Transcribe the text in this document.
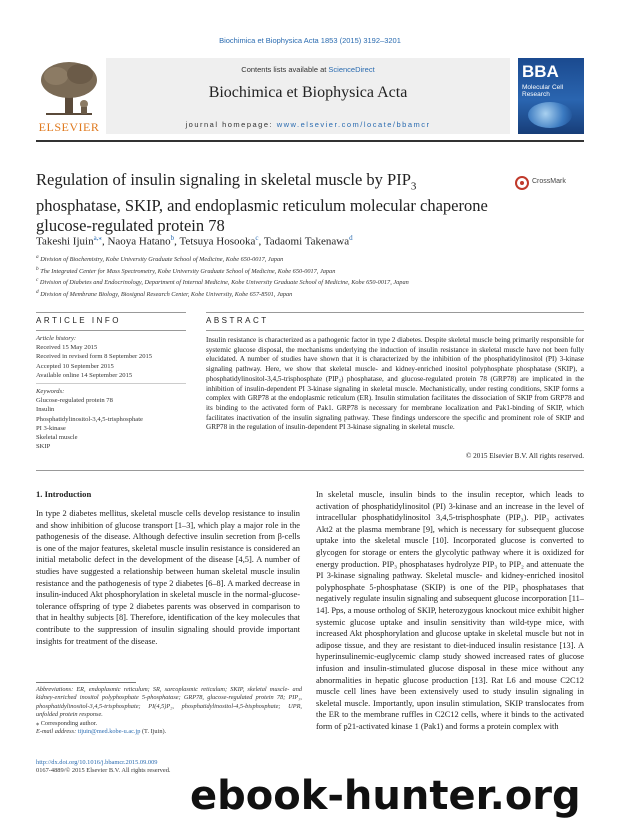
Biochimica et Biophysica Acta 1853 (2015) 3192–3201
ELSEVIER
Contents lists available at ScienceDirect
Biochimica et Biophysica Acta
journal homepage: www.elsevier.com/locate/bbamcr
BBA
Molecular Cell Research
Regulation of insulin signaling in skeletal muscle by $PIP_3$ phosphatase, SKIP, and endoplasmic reticulum molecular chaperone glucose-regulated protein 78
CrossMark
Takeshi Ijuin$^{a,⁎}$, Naoya Hatano$^b$, Tetsuya Hosooka$^c$, Tadaomi Takenawa$^d$
$^a$ Division of Biochemistry, Kobe University Graduate School of Medicine, Kobe 650-0017, Japan
$^b$ The Integrated Center for Mass Spectrometry, Kobe University Graduate School of Medicine, Kobe 650-0017, Japan
$^c$ Division of Diabetes and Endocrinology, Department of Internal Medicine, Kobe University Graduate School of Medicine, Kobe 650-0017, Japan
$^d$ Division of Membrane Biology, Biosignal Research Center, Kobe University, Kobe 657-8501, Japan
ARTICLE INFO
Article history:
Received 15 May 2015
Received in revised form 8 September 2015
Accepted 10 September 2015
Available online 14 September 2015
Keywords:
Glucose-regulated protein 78
Insulin
Phosphatidylinositol-3,4,5-trisphosphate
PI 3-kinase
Skeletal muscle
SKIP
ABSTRACT
Insulin resistance is characterized as a pathogenic factor in type 2 diabetes. Despite skeletal muscle being primarily responsible for systemic glucose disposal, the mechanisms underlying the induction of insulin resistance in skeletal muscle have not been fully elucidated. A number of studies have shown that it is characterized by the inhibition of the phosphatidylinositol (PI) 3-kinase signaling pathway. Here, we show that skeletal muscle- and kidney-enriched inositol polyphosphate phosphatase (SKIP), a phosphatidylinositol-3,4,5-trisphosphate (PIP₃) phosphatase, and glucose-regulated protein 78 (GRP78) are implicated in the inhibition of insulin-dependent PI 3-kinase signaling in skeletal muscle. Mechanistically, under resting conditions, SKIP forms a complex with GRP78 at the endoplasmic reticulum (ER). Insulin stimulation facilitates the dissociation of SKIP from GRP78 and its binding to the activated form of Pak1. GRP78 is necessary for membrane localization and Pak1-binding of SKIP, which facilitates inactivation of the insulin signaling pathway. These findings underscore the specific and prominent role of SKIP and GRP78 in the regulation of insulin-dependent PI 3-kinase signaling in skeletal muscle.
© 2015 Elsevier B.V. All rights reserved.
1. Introduction
In type 2 diabetes mellitus, skeletal muscle cells develop resistance to insulin and show inhibition of glucose transport [1–3], which play a major role in the pathogenesis of the disease. Although defective insulin secretion from β-cells is one of the major features, skeletal muscle insulin resistance is considered an initial metabolic defect in the development of the disease [4,5]. A number of studies have suggested a relationship between human skeletal muscle insulin resistance and the pathogenesis of type 2 diabetes [6–8]. A marked decrease in insulin-induced Akt phosphorylation in skeletal muscle in the normal-glucose-tolerance offspring of type 2 diabetes parents was observed in comparison to that in healthy subjects [8]. Therefore, identification of the key molecules that contribute to the suppression of insulin signaling should provide important insights for treatment of the disease.
In skeletal muscle, insulin binds to the insulin receptor, which leads to activation of phosphatidylinositol (PI) 3-kinase and an increase in the level of intracellular phosphatidylinositol 3,4,5-trisphosphate (PIP₃). PIP₃ activates Akt2 at the plasma membrane [9], which is necessary for subsequent glucose uptake into the skeletal muscle [10]. Incorporated glucose is converted to glycogen for storage or enters the glycolytic pathway where it is oxidized for energy production. PIP₃ phosphatases hydrolyze PIP₃ to PIP₂ and attenuate the PI 3-kinase signaling pathway. Skeletal muscle- and kidney-enriched inositol polyphosphate 5-phosphatase (SKIP) is one of the PIP₃ phosphatases that negatively regulate insulin signaling and subsequent glucose incorporation [11–14]. Pps, a mouse ortholog of SKIP, heterozygous knockout mice exhibit higher systemic glucose uptake and insulin sensitivity than wild-type mice, with increased Akt phosphorylation and glucose uptake in skeletal muscle but not in adipose tissue, and they are resistant to diet-induced insulin resistance [13]. A hyperinsulinemic-euglycemic clamp study showed increased rates of glucose infusion and insulin-stimulated glucose disposal in these mice without any abnormalities in hepatic glucose production [13]. Rat L6 and mouse C2C12 muscle cell lines have been extensively used to study insulin signaling in skeletal muscle. Importantly, upon insulin stimulation, SKIP translocates from the ER to the membrane ruffles in C2C12 cells, where it binds to the activated form of p21-activated kinase 1 (Pak1) and forms a protein complex with
Abbreviations: ER, endoplasmic reticulum; SR, sarcoplasmic reticulum; SKIP, skeletal muscle- and kidney-enriched inositol polyphosphate 5-phosphatase; GRP78, glucose-regulated protein 78; PIP₃, phosphatidylinositol-3,4,5-trisphosphate; PI(4,5)P₂, phosphatidylinositol-4,5-bisphosphate; UPR, unfolded protein response.
⁎ Corresponding author.
E-mail address: tijuin@med.kobe-u.ac.jp (T. Ijuin).
http://dx.doi.org/10.1016/j.bbamcr.2015.09.009
0167-4889/© 2015 Elsevier B.V. All rights reserved.
ebook-hunter.org
